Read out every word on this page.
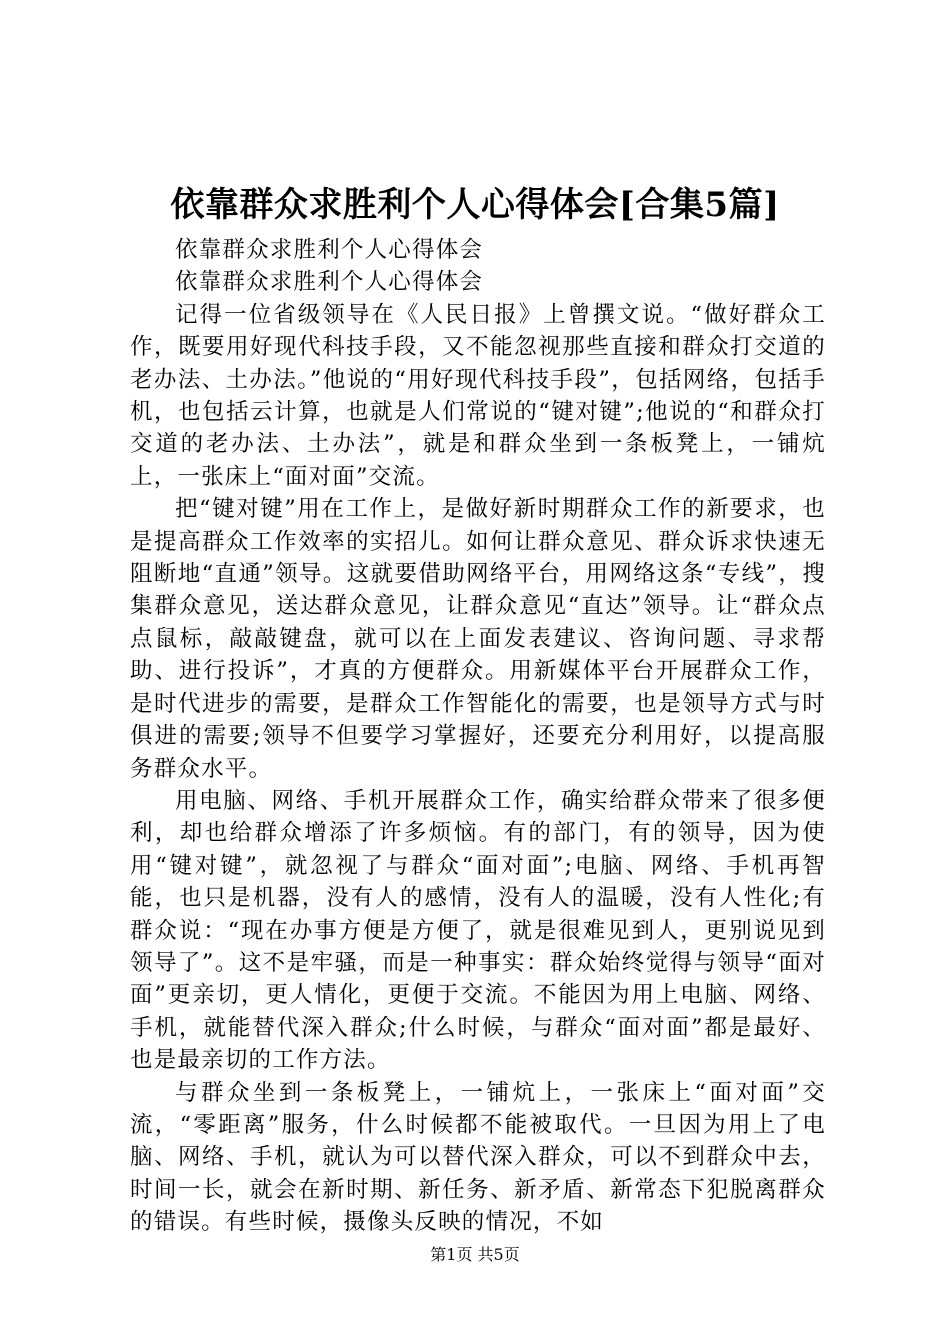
依靠群众求胜利个人心得体会[合集5篇]

依靠群众求胜利个人心得体会

依靠群众求胜利个人心得体会

记得一位省级领导在《人民日报》上曾撰文说。“做好群众工作，既要用好现代科技手段，又不能忽视那些直接和群众打交道的老办法、土办法。”他说的“用好现代科技手段”，包括网络，包括手机，也包括云计算，也就是人们常说的“键对键”;他说的“和群众打交道的老办法、土办法”，就是和群众坐到一条板凳上，一铺炕上，一张床上“面对面”交流。

把“键对键”用在工作上，是做好新时期群众工作的新要求，也是提高群众工作效率的实招儿。如何让群众意见、群众诉求快速无阻断地“直通”领导。这就要借助网络平台，用网络这条“专线”，搜集群众意见，送达群众意见，让群众意见“直达”领导。让“群众点点鼠标，敲敲键盘，就可以在上面发表建议、咨询问题、寻求帮助、进行投诉”，才真的方便群众。用新媒体平台开展群众工作，是时代进步的需要，是群众工作智能化的需要，也是领导方式与时俱进的需要;领导不但要学习掌握好，还要充分利用好，以提高服务群众水平。

用电脑、网络、手机开展群众工作，确实给群众带来了很多便利，却也给群众增添了许多烦恼。有的部门，有的领导，因为使用“键对键”，就忽视了与群众“面对面”;电脑、网络、手机再智能，也只是机器，没有人的感情，没有人的温暖，没有人性化;有群众说：“现在办事方便是方便了，就是很难见到人，更别说见到领导了”。这不是牢骚，而是一种事实：群众始终觉得与领导“面对面”更亲切，更人情化，更便于交流。不能因为用上电脑、网络、手机，就能替代深入群众;什么时候，与群众“面对面”都是最好、也是最亲切的工作方法。

与群众坐到一条板凳上，一铺炕上，一张床上“面对面”交流，“零距离”服务，什么时候都不能被取代。一旦因为用上了电脑、网络、手机，就认为可以替代深入群众，可以不到群众中去，时间一长，就会在新时期、新任务、新矛盾、新常态下犯脱离群众的错误。有些时候，摄像头反映的情况，不如

第1页 共5页
